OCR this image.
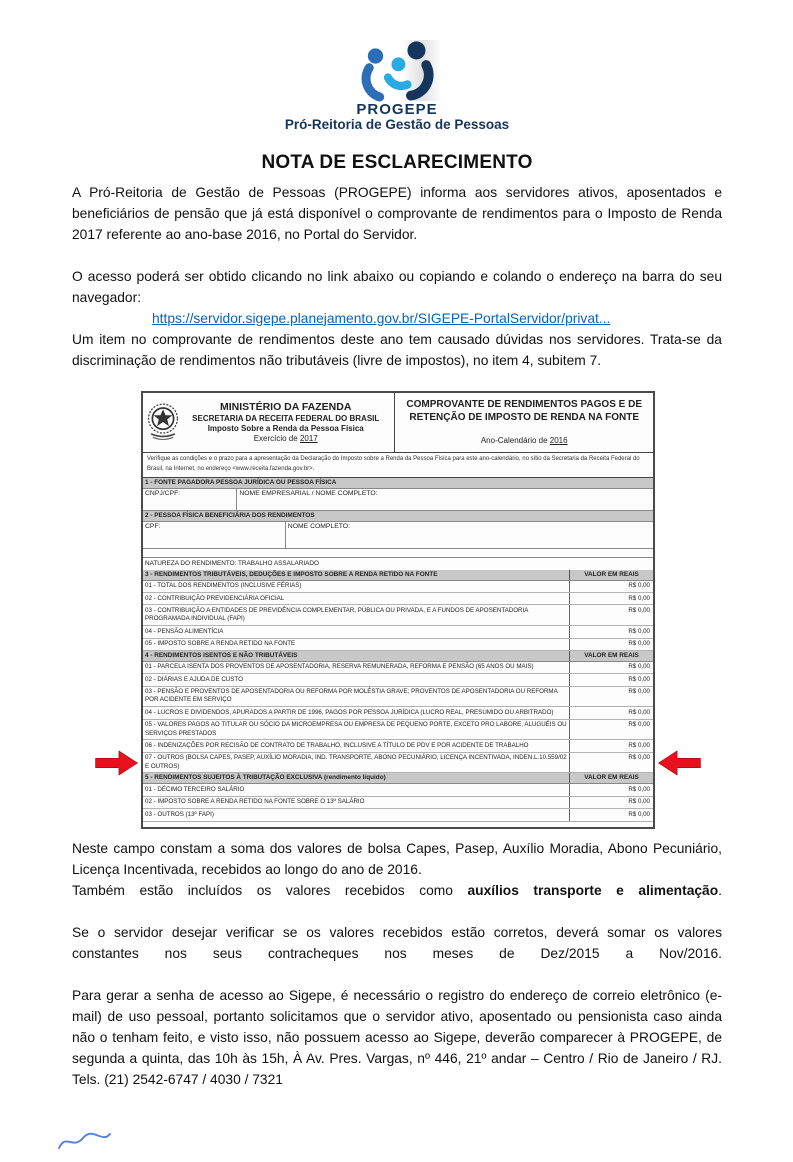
PROGEPE
Pró-Reitoria de Gestão de Pessoas
NOTA DE ESCLARECIMENTO

A Pró-Reitoria de Gestão de Pessoas (PROGEPE) informa aos servidores ativos, aposentados e beneficiários de pensão que já está disponível o comprovante de rendimentos para o Imposto de Renda 2017 referente ao ano-base 2016, no Portal do Servidor.

O acesso poderá ser obtido clicando no link abaixo ou copiando e colando o endereço na barra do seu navegador:

https://servidor.sigepe.planejamento.gov.br/SIGEPE-PortalServidor/privat...

Um item no comprovante de rendimentos deste ano tem causado dúvidas nos servidores. Trata-se da discriminação de rendimentos não tributáveis (livre de impostos), no item 4, subitem 7.

MINISTÉRIO DA FAZENDA
SECRETARIA DA RECEITA FEDERAL DO BRASIL
Imposto Sobre a Renda da Pessoa Física
Exercício de 2017
COMPROVANTE DE RENDIMENTOS PAGOS E DE
RETENÇÃO DE IMPOSTO DE RENDA NA FONTE
Ano-Calendário de 2016
Verifique as condições e o prazo para a apresentação da Declaração do Imposto sobre a Renda da Pessoa Física para este ano-calendário, no sítio da Secretaria da Receita Federal do Brasil, na Internet, no endereço <www.receita.fazenda.gov.br>.
1 - FONTE PAGADORA PESSOA JURÍDICA OU PESSOA FÍSICA
CNPJ/CPF:	NOME EMPRESARIAL / NOME COMPLETO:
2 - PESSOA FÍSICA BENEFICIÁRIA DOS RENDIMENTOS
CPF:	NOME COMPLETO:
NATUREZA DO RENDIMENTO: TRABALHO ASSALARIADO
3 - RENDIMENTOS TRIBUTÁVEIS, DEDUÇÕES E IMPOSTO SOBRE A RENDA RETIDO NA FONTE	VALOR EM REAIS
01 - TOTAL DOS RENDIMENTOS (INCLUSIVE FÉRIAS)	R$ 0,00
02 - CONTRIBUIÇÃO PREVIDENCIÁRIA OFICIAL	R$ 0,00
03 - CONTRIBUIÇÃO A ENTIDADES DE PREVIDÊNCIA COMPLEMENTAR, PÚBLICA OU PRIVADA, E A FUNDOS DE APOSENTADORIA PROGRAMADA INDIVIDUAL (FAPI)
R$ 0,00
04 - PENSÃO ALIMENTÍCIA	R$ 0,00
05 - IMPOSTO SOBRE A RENDA RETIDO NA FONTE	R$ 0,00
4 - RENDIMENTOS ISENTOS E NÃO TRIBUTÁVEIS	VALOR EM REAIS
01 - PARCELA ISENTA DOS PROVENTOS DE APOSENTADORIA, RESERVA REMUNERADA, REFORMA E PENSÃO (65 ANOS OU MAIS)	R$ 0,00
02 - DIÁRIAS E AJUDA DE CUSTO	R$ 0,00
03 - PENSÃO E PROVENTOS DE APOSENTADORIA OU REFORMA POR MOLÉSTIA GRAVE; PROVENTOS DE APOSENTADORIA OU REFORMA POR ACIDENTE EM SERVIÇO
R$ 0,00
04 - LUCROS E DIVIDENDOS, APURADOS A PARTIR DE 1996, PAGOS POR PESSOA JURÍDICA (LUCRO REAL, PRESUMIDO OU ARBITRADO)	R$ 0,00
05 - VALORES PAGOS AO TITULAR OU SÓCIO DA MICROEMPRESA OU EMPRESA DE PEQUENO PORTE, EXCETO PRO LABORE, ALUGUÉIS OU SERVIÇOS PRESTADOS
R$ 0,00
06 - INDENIZAÇÕES POR RECISÃO DE CONTRATO DE TRABALHO, INCLUSIVE A TÍTULO DE PDV E POR ACIDENTE DE TRABALHO	R$ 0,00
07 - OUTROS (BOLSA CAPES, PASEP, AUXÍLIO MORADIA, IND. TRANSPORTE, ABONO PECUNIÁRIO, LICENÇA INCENTIVADA, INDEN.L.10.559/02 E OUTROS)
R$ 0,00
5 - RENDIMENTOS SUJEITOS À TRIBUTAÇÃO EXCLUSIVA (rendimento líquido)	VALOR EM REAIS
01 - DÉCIMO TERCEIRO SALÁRIO	R$ 0,00
02 - IMPOSTO SOBRE A RENDA RETIDO NA FONTE SOBRE O 13º SALÁRIO	R$ 0,00
03 - OUTROS (13º FAPI)	R$ 0,00

Neste campo constam a soma dos valores de bolsa Capes, Pasep, Auxílio Moradia, Abono Pecuniário, Licença Incentivada, recebidos ao longo do ano de 2016.

Também estão incluídos os valores recebidos como auxílios transporte e alimentação.

Se o servidor desejar verificar se os valores recebidos estão corretos, deverá somar os valores constantes nos seus contracheques nos meses de Dez/2015 a Nov/2016.

Para gerar a senha de acesso ao Sigepe, é necessário o registro do endereço de correio eletrônico (e-mail) de uso pessoal, portanto solicitamos que o servidor ativo, aposentado ou pensionista caso ainda não o tenham feito, e visto isso, não possuem acesso ao Sigepe, deverão comparecer à PROGEPE, de segunda a quinta, das 10h às 15h, À Av. Pres. Vargas, nº 446, 21º andar – Centro / Rio de Janeiro / RJ. Tels. (21) 2542-6747 / 4030 / 7321
